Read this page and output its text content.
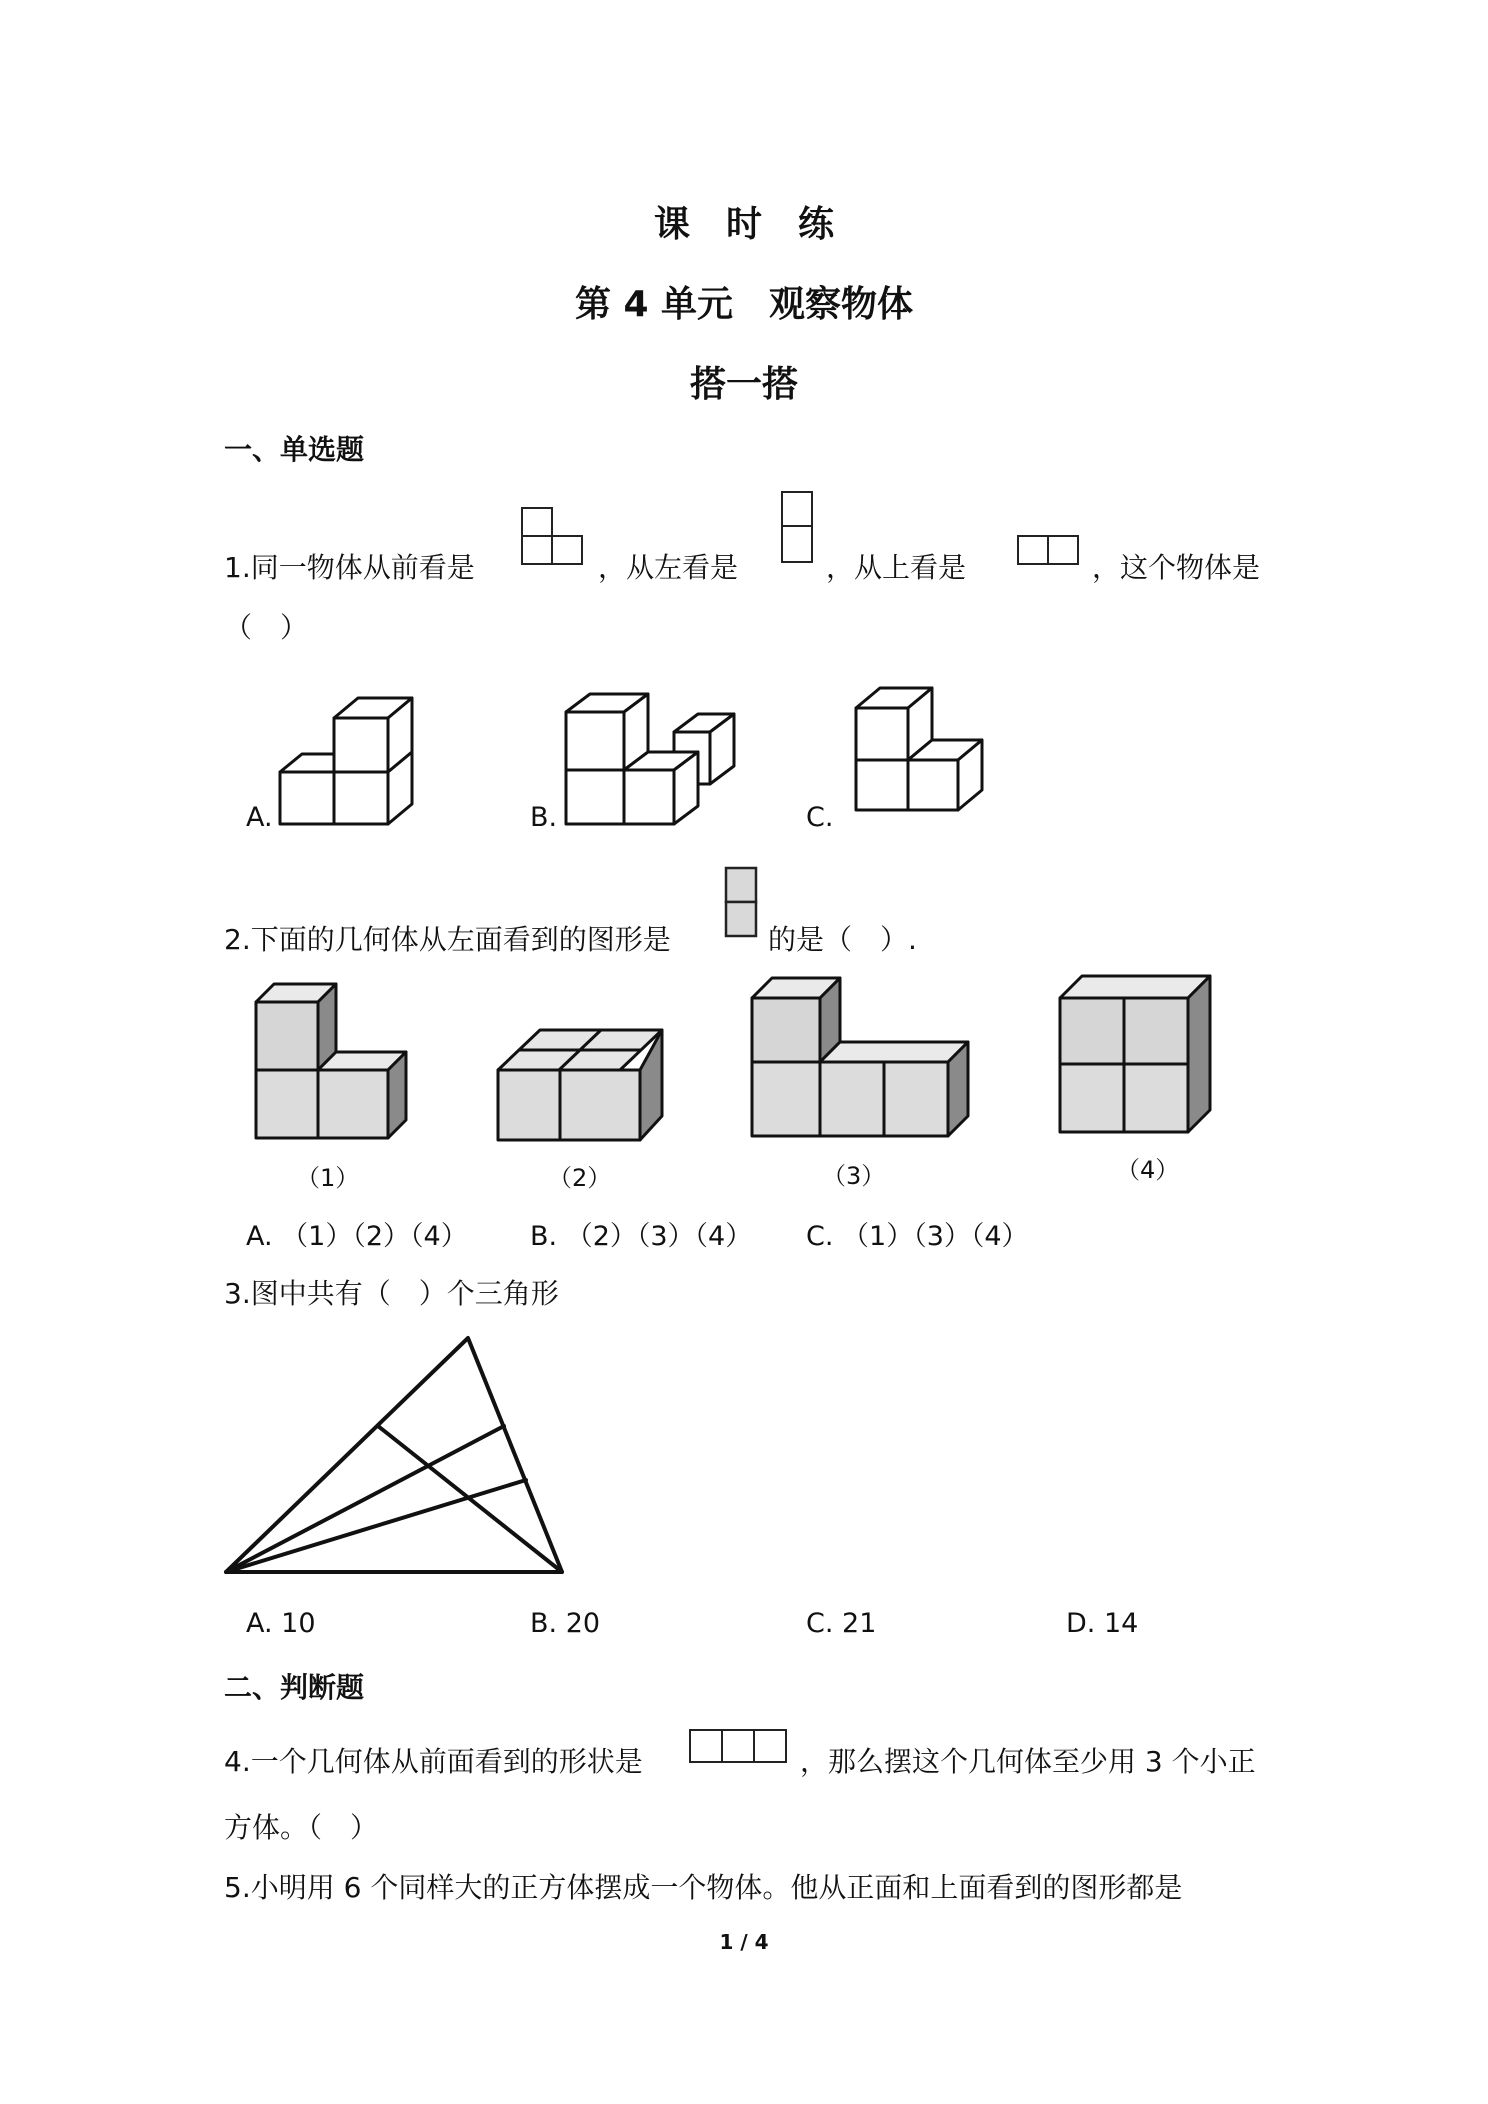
课　时　练
第 4 单元　观察物体
搭一搭
一、单选题
1.同一物体从前看是	，从左看是	，从上看是	，这个物体是
（　）
A.	B.	C.
2.下面的几何体从左面看到的图形是	的是（　）.
（1）	（2）	（3）	（4）
A. （1）（2）（4） B. （2）（3）（4） C. （1）（3）（4）
3.图中共有（　）个三角形
A. 10	B. 20	C. 21	D. 14
二、判断题
4.一个几何体从前面看到的形状是	，那么摆这个几何体至少用 3 个小正
方体。（　）
5.小明用 6 个同样大的正方体摆成一个物体。他从正面和上面看到的图形都是
1 / 4
